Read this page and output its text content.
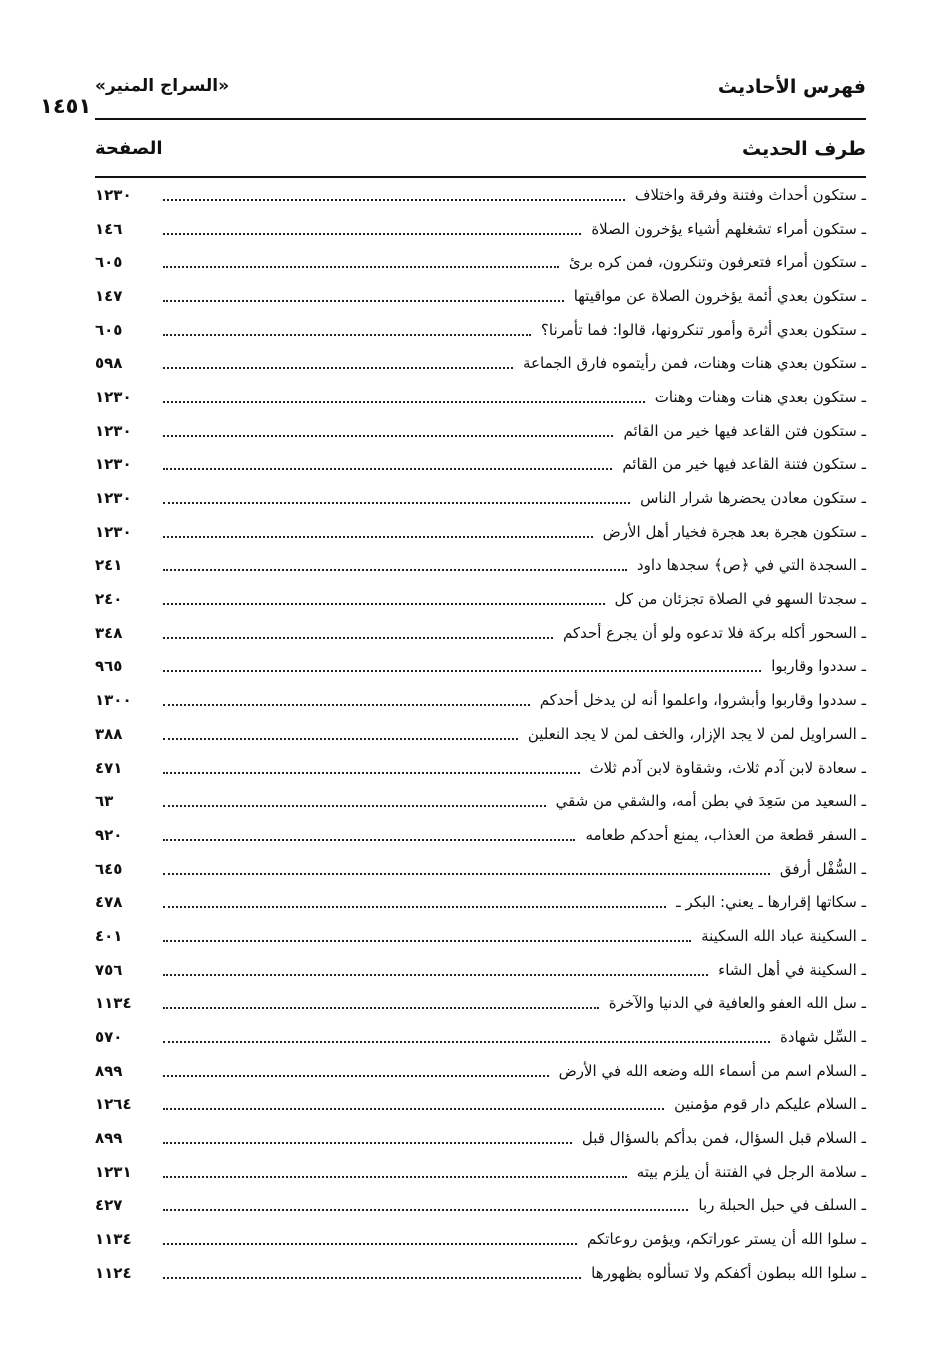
فهرس الأحاديث
«السراج المنير»
١٤٥١
طرف الحديث
الصفحة
ـ ستكون أحداث وفتنة وفرقة واختلاف
١٢٣٠
ـ ستكون أمراء تشغلهم أشياء يؤخرون الصلاة
١٤٦
ـ ستكون أمراء فتعرفون وتنكرون، فمن كره برئ
٦٠٥
ـ ستكون بعدي أئمة يؤخرون الصلاة عن مواقيتها
١٤٧
ـ ستكون بعدي أثرة وأمور تنكرونها، قالوا: فما تأمرنا؟
٦٠٥
ـ ستكون بعدي هنات وهنات، فمن رأيتموه فارق الجماعة
٥٩٨
ـ ستكون بعدي هنات وهنات وهنات
١٢٣٠
ـ ستكون فتن القاعد فيها خير من القائم
١٢٣٠
ـ ستكون فتنة القاعد فيها خير من القائم
١٢٣٠
ـ ستكون معادن يحضرها شرار الناس
١٢٣٠
ـ ستكون هجرة بعد هجرة فخيار أهل الأرض
١٢٣٠
ـ السجدة التي في ﴿ص﴾ سجدها داود
٢٤١
ـ سجدتا السهو في الصلاة تجزئان من كل
٢٤٠
ـ السحور أكله بركة فلا تدعوه ولو أن يجرع أحدكم
٣٤٨
ـ سددوا وقاربوا
٩٦٥
ـ سددوا وقاربوا وأبشروا، واعلموا أنه لن يدخل أحدكم
١٣٠٠
ـ السراويل لمن لا يجد الإزار، والخف لمن لا يجد النعلين
٣٨٨
ـ سعادة لابن آدم ثلاث، وشقاوة لابن آدم ثلاث
٤٧١
ـ السعيد من سَعِدَ في بطن أمه، والشقي من شقي
٦٣
ـ السفر قطعة من العذاب، يمنع أحدكم طعامه
٩٢٠
ـ السُّفْل أرفق
٦٤٥
ـ سكاتها إقرارها ـ يعني: البكر ـ
٤٧٨
ـ السكينة عباد الله السكينة
٤٠١
ـ السكينة في أهل الشاء
٧٥٦
ـ سل الله العفو والعافية في الدنيا والآخرة
١١٣٤
ـ السِّل شهادة
٥٧٠
ـ السلام اسم من أسماء الله وضعه الله في الأرض
٨٩٩
ـ السلام عليكم دار قوم مؤمنين
١٢٦٤
ـ السلام قبل السؤال، فمن بدأكم بالسؤال قبل
٨٩٩
ـ سلامة الرجل في الفتنة أن يلزم بيته
١٢٣١
ـ السلف في حبل الحبلة ربا
٤٢٧
ـ سلوا الله أن يستر عوراتكم، ويؤمن روعاتكم
١١٣٤
ـ سلوا الله ببطون أكفكم ولا تسألوه بظهورها
١١٢٤
